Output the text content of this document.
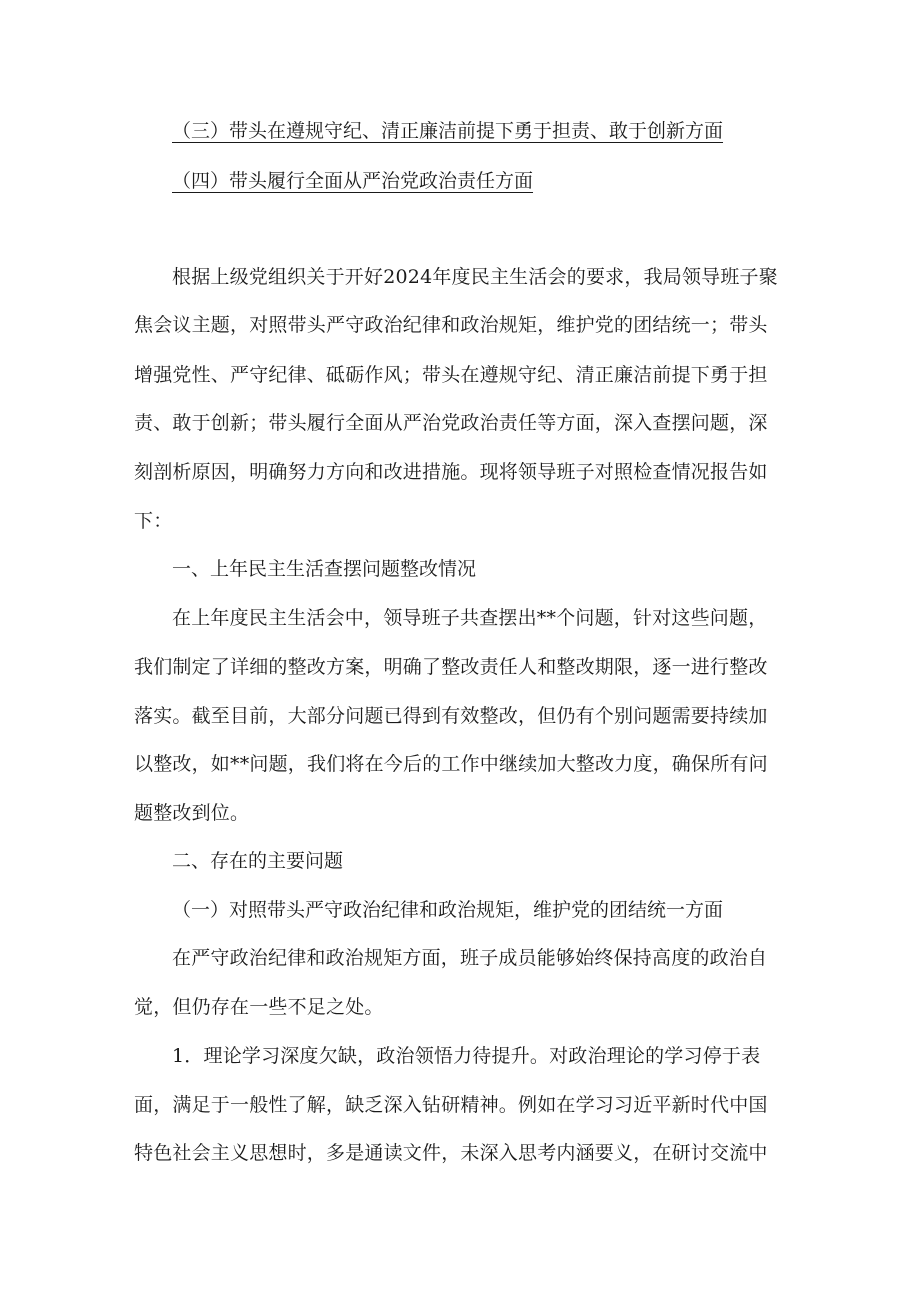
（三）带头在遵规守纪、清正廉洁前提下勇于担责、敢于创新方面
（四）带头履行全面从严治党政治责任方面
根据上级党组织关于开好2024年度民主生活会的要求，我局领导班子聚
焦会议主题，对照带头严守政治纪律和政治规矩，维护党的团结统一；带头
增强党性、严守纪律、砥砺作风；带头在遵规守纪、清正廉洁前提下勇于担
责、敢于创新；带头履行全面从严治党政治责任等方面，深入查摆问题，深
刻剖析原因，明确努力方向和改进措施。现将领导班子对照检查情况报告如
下：
一、上年民主生活查摆问题整改情况
在上年度民主生活会中，领导班子共查摆出**个问题，针对这些问题，
我们制定了详细的整改方案，明确了整改责任人和整改期限，逐一进行整改
落实。截至目前，大部分问题已得到有效整改，但仍有个别问题需要持续加
以整改，如**问题，我们将在今后的工作中继续加大整改力度，确保所有问
题整改到位。
二、存在的主要问题
（一）对照带头严守政治纪律和政治规矩，维护党的团结统一方面
在严守政治纪律和政治规矩方面，班子成员能够始终保持高度的政治自
觉，但仍存在一些不足之处。
1．理论学习深度欠缺，政治领悟力待提升。对政治理论的学习停于表
面，满足于一般性了解，缺乏深入钻研精神。例如在学习习近平新时代中国
特色社会主义思想时，多是通读文件，未深入思考内涵要义，在研讨交流中
